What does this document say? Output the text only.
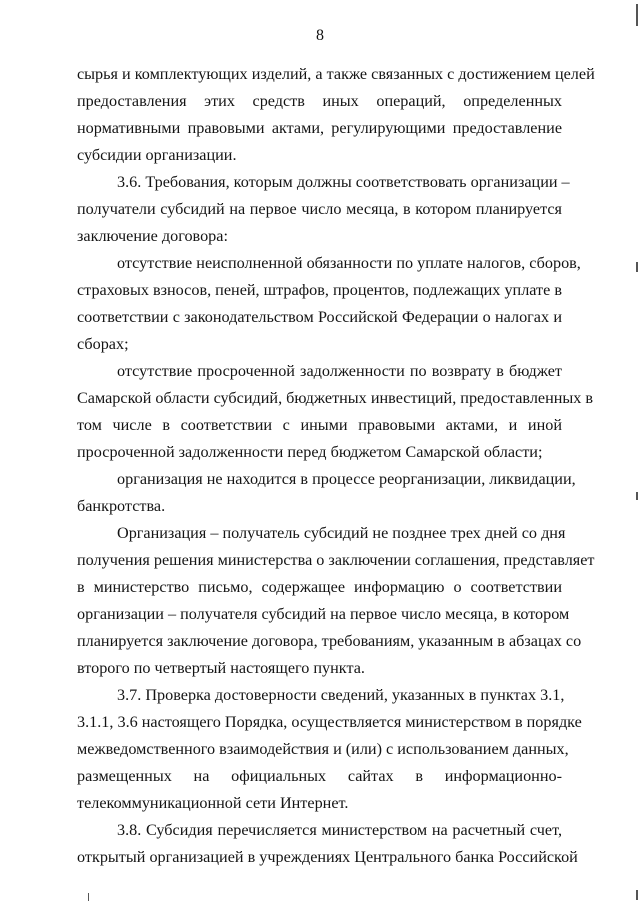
8
сырья и комплектующих изделий, а также связанных с достижением целей
предоставления этих средств иных операций, определенных
нормативными правовыми актами, регулирующими предоставление
субсидии организации.
3.6. Требования, которым должны соответствовать организации –
получатели субсидий на первое число месяца, в котором планируется
заключение договора:
отсутствие неисполненной обязанности по уплате налогов, сборов,
страховых взносов, пеней, штрафов, процентов, подлежащих уплате в
соответствии с законодательством Российской Федерации о налогах и
сборах;
отсутствие просроченной задолженности по возврату в бюджет
Самарской области субсидий, бюджетных инвестиций, предоставленных в
том числе в соответствии с иными правовыми актами, и иной
просроченной задолженности перед бюджетом Самарской области;
организация не находится в процессе реорганизации, ликвидации,
банкротства.
Организация – получатель субсидий не позднее трех дней со дня
получения решения министерства о заключении соглашения, представляет
в министерство письмо, содержащее информацию о соответствии
организации – получателя субсидий на первое число месяца, в котором
планируется заключение договора, требованиям, указанным в абзацах со
второго по четвертый настоящего пункта.
3.7. Проверка достоверности сведений, указанных в пунктах 3.1,
3.1.1, 3.6 настоящего Порядка, осуществляется министерством в порядке
межведомственного взаимодействия и (или) с использованием данных,
размещенных на официальных сайтах в информационно-
телекоммуникационной сети Интернет.
3.8. Субсидия перечисляется министерством на расчетный счет,
открытый организацией в учреждениях Центрального банка Российской
